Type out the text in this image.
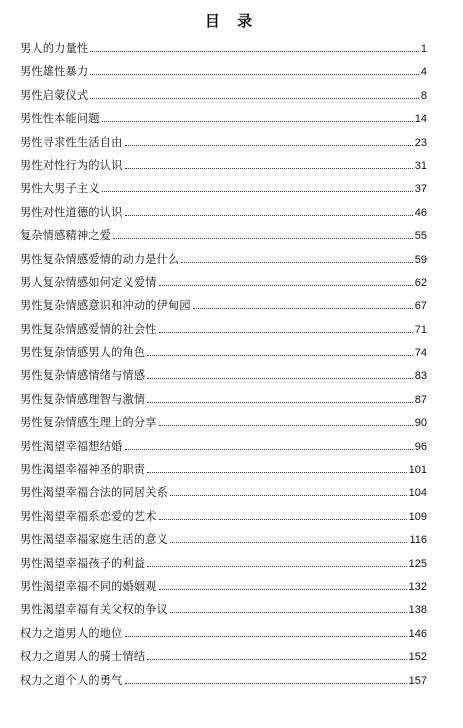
目 录
男人的力量性	1
男性雄性暴力	4
男性启蒙仪式	8
男性性本能问题	14
男性寻求性生活自由	23
男性对性行为的认识	31
男性大男子主义	37
男性对性道德的认识	46
复杂情感精神之爱	55
男性复杂情感爱情的动力是什么	59
男人复杂情感如何定义爱情	62
男性复杂情感意识和冲动的伊甸园	67
男性复杂情感爱情的社会性	71
男性复杂情感男人的角色	74
男性复杂情感情绪与情感	83
男性复杂情感理智与激情	87
男性复杂情感生理上的分享	90
男性渴望幸福想结婚	96
男性渴望幸福神圣的职责	101
男性渴望幸福合法的同居关系	104
男性渴望幸福系恋爱的艺术	109
男性渴望幸福家庭生活的意义	116
男性渴望幸福孩子的利益	125
男性渴望幸福不同的婚姻观	132
男性渴望幸福有关父权的争议	138
权力之道男人的地位	146
权力之道男人的骑士情结	152
权力之道个人的勇气	157
